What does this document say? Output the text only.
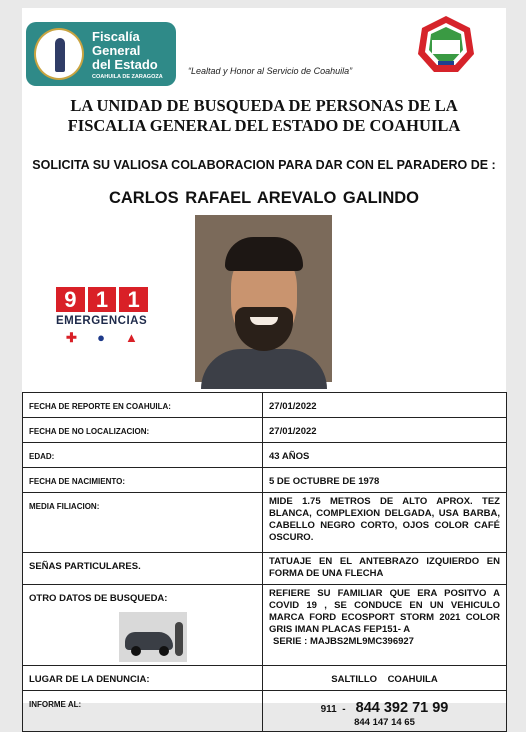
Fiscalía
General
del Estado
COAHUILA DE ZARAGOZA
“Lealtad y Honor al Servicio de Coahuila”
LA UNIDAD DE BUSQUEDA DE PERSONAS DE LA
FISCALIA GENERAL DEL ESTADO DE COAHUILA
SOLICITA SU VALIOSA COLABORACION PARA DAR CON EL PARADERO DE :
CARLOS RAFAEL AREVALO GALINDO
9 1 1
EMERGENCIAS
✚ ● ▲
FECHA DE REPORTE EN COAHUILA:	27/01/2022
FECHA DE NO LOCALIZACION:	27/01/2022
EDAD:	43 AÑOS
FECHA DE NACIMIENTO:	5 DE OCTUBRE DE 1978
MEDIA FILIACION:	MIDE 1.75 METROS DE ALTO APROX. TEZ BLANCA, COMPLEXION DELGADA, USA BARBA, CABELLO NEGRO CORTO, OJOS COLOR CAFÉ OSCURO.

SEÑAS PARTICULARES.	TATUAJE EN EL ANTEBRAZO IZQUIERDO EN FORMA DE UNA FLECHA

OTRO DATOS DE BUSQUEDA:	REFIERE SU FAMILIAR QUE ERA POSITVO A COVID 19 , SE CONDUCE EN UN VEHICULO MARCA FORD ECOSPORT STORM 2021 COLOR GRIS IMAN PLACAS FEP151- A
SERIE : MAJBS2ML9MC396927

LUGAR DE LA DENUNCIA:	SALTILLO    COAHUILA
INFORME AL:	911  - 844 392 71 99
844 147 14 65
